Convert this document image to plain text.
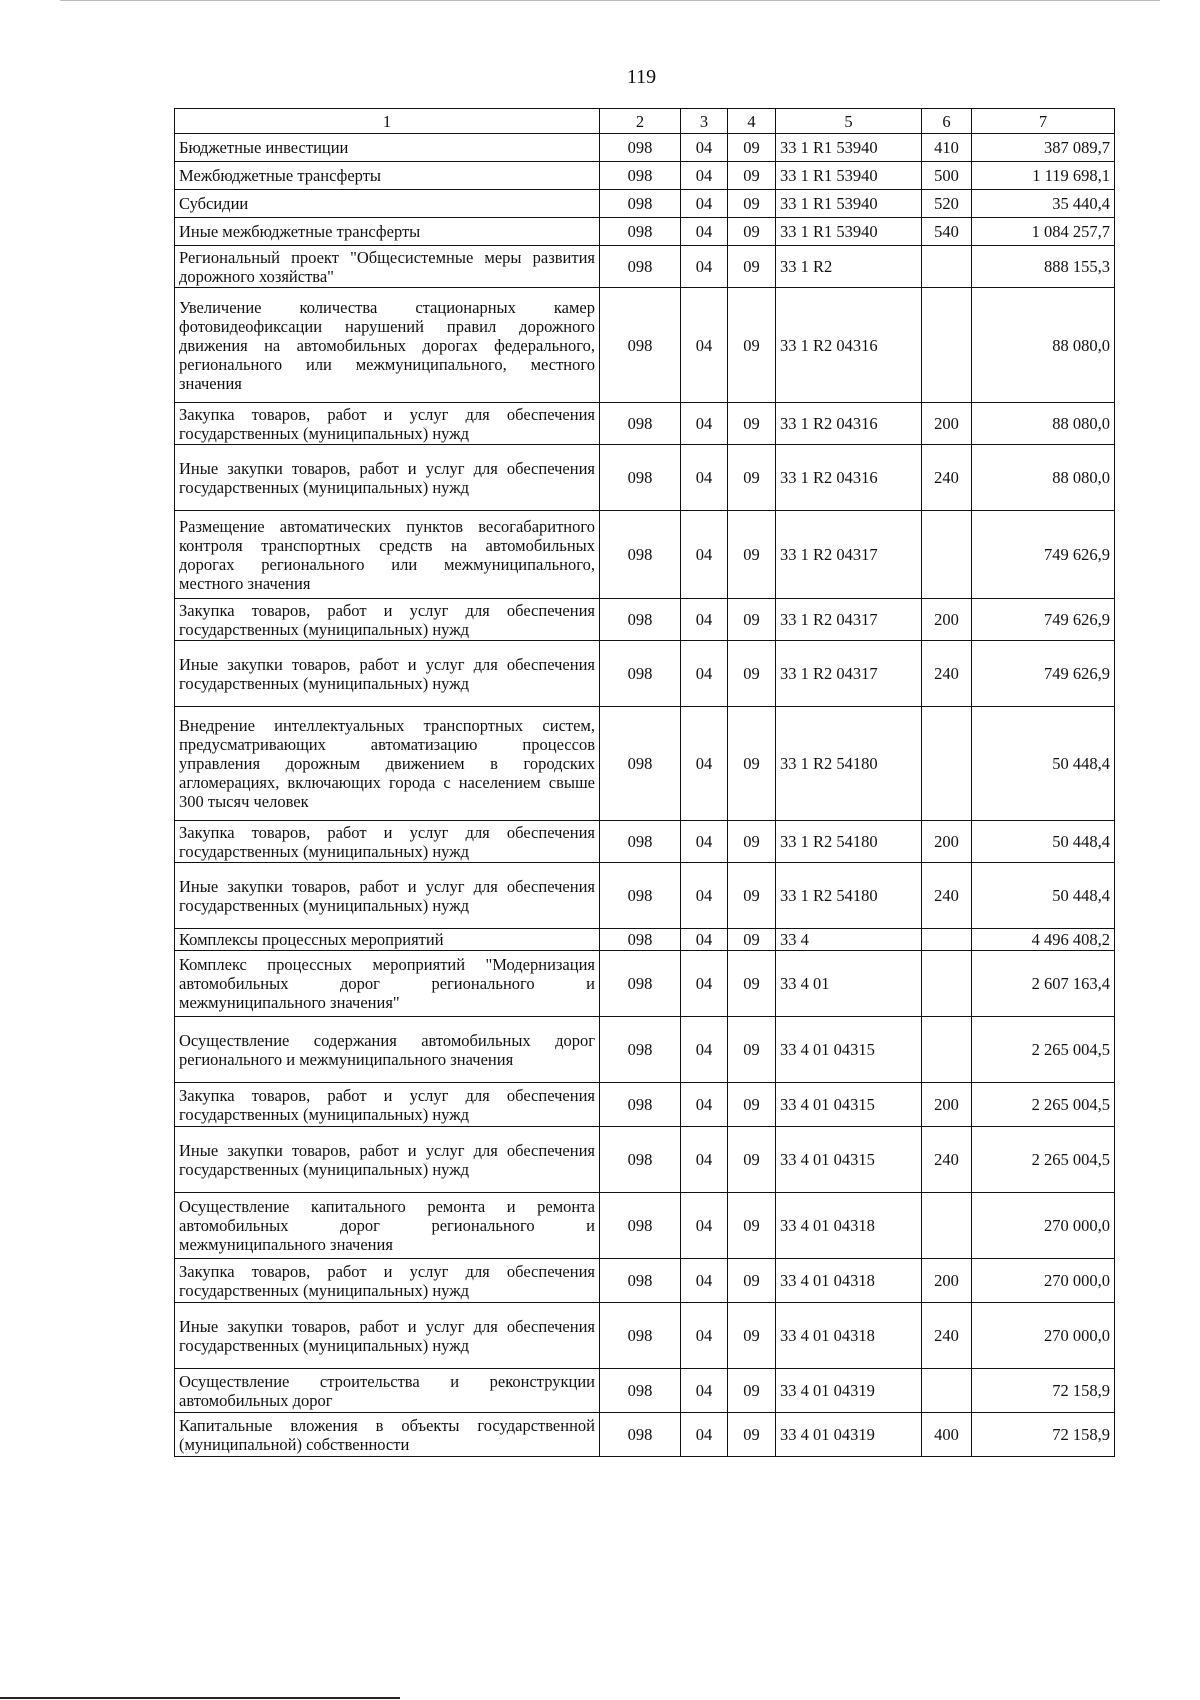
119
1	2	3	4	5	6	7
Бюджетные инвестиции	098	04	09	33 1 R1 53940	410	387 089,7
Межбюджетные трансферты	098	04	09	33 1 R1 53940	500	1 119 698,1
Субсидии	098	04	09	33 1 R1 53940	520	35 440,4
Иные межбюджетные трансферты	098	04	09	33 1 R1 53940	540	1 084 257,7
Региональный проект "Общесистемные меры развития дорожного хозяйства"	098	04	09	33 1 R2		888 155,3
Увеличение количества стационарных камер фотовидеофиксации нарушений правил дорожного движения на автомобильных дорогах федерального, регионального или межмуниципального, местного значения	098	04	09	33 1 R2 04316		88 080,0
Закупка товаров, работ и услуг для обеспечения государственных (муниципальных) нужд	098	04	09	33 1 R2 04316	200	88 080,0
Иные закупки товаров, работ и услуг для обеспечения государственных (муниципальных) нужд	098	04	09	33 1 R2 04316	240	88 080,0
Размещение автоматических пунктов весогабаритного контроля транспортных средств на автомобильных дорогах регионального или межмуниципального, местного значения	098	04	09	33 1 R2 04317		749 626,9
Закупка товаров, работ и услуг для обеспечения государственных (муниципальных) нужд	098	04	09	33 1 R2 04317	200	749 626,9
Иные закупки товаров, работ и услуг для обеспечения государственных (муниципальных) нужд	098	04	09	33 1 R2 04317	240	749 626,9
Внедрение интеллектуальных транспортных систем, предусматривающих автоматизацию процессов управления дорожным движением в городских агломерациях, включающих города с населением свыше 300 тысяч человек	098	04	09	33 1 R2 54180		50 448,4
Закупка товаров, работ и услуг для обеспечения государственных (муниципальных) нужд	098	04	09	33 1 R2 54180	200	50 448,4
Иные закупки товаров, работ и услуг для обеспечения государственных (муниципальных) нужд	098	04	09	33 1 R2 54180	240	50 448,4
Комплексы процессных мероприятий	098	04	09	33 4		4 496 408,2
Комплекс процессных мероприятий "Модернизация автомобильных дорог регионального и межмуниципального значения"	098	04	09	33 4 01		2 607 163,4
Осуществление содержания автомобильных дорог регионального и межмуниципального значения	098	04	09	33 4 01 04315		2 265 004,5
Закупка товаров, работ и услуг для обеспечения государственных (муниципальных) нужд	098	04	09	33 4 01 04315	200	2 265 004,5
Иные закупки товаров, работ и услуг для обеспечения государственных (муниципальных) нужд	098	04	09	33 4 01 04315	240	2 265 004,5
Осуществление капитального ремонта и ремонта автомобильных дорог регионального и межмуниципального значения	098	04	09	33 4 01 04318		270 000,0
Закупка товаров, работ и услуг для обеспечения государственных (муниципальных) нужд	098	04	09	33 4 01 04318	200	270 000,0
Иные закупки товаров, работ и услуг для обеспечения государственных (муниципальных) нужд	098	04	09	33 4 01 04318	240	270 000,0
Осуществление строительства и реконструкции автомобильных дорог	098	04	09	33 4 01 04319		72 158,9
Капитальные вложения в объекты государственной (муниципальной) собственности	098	04	09	33 4 01 04319	400	72 158,9
